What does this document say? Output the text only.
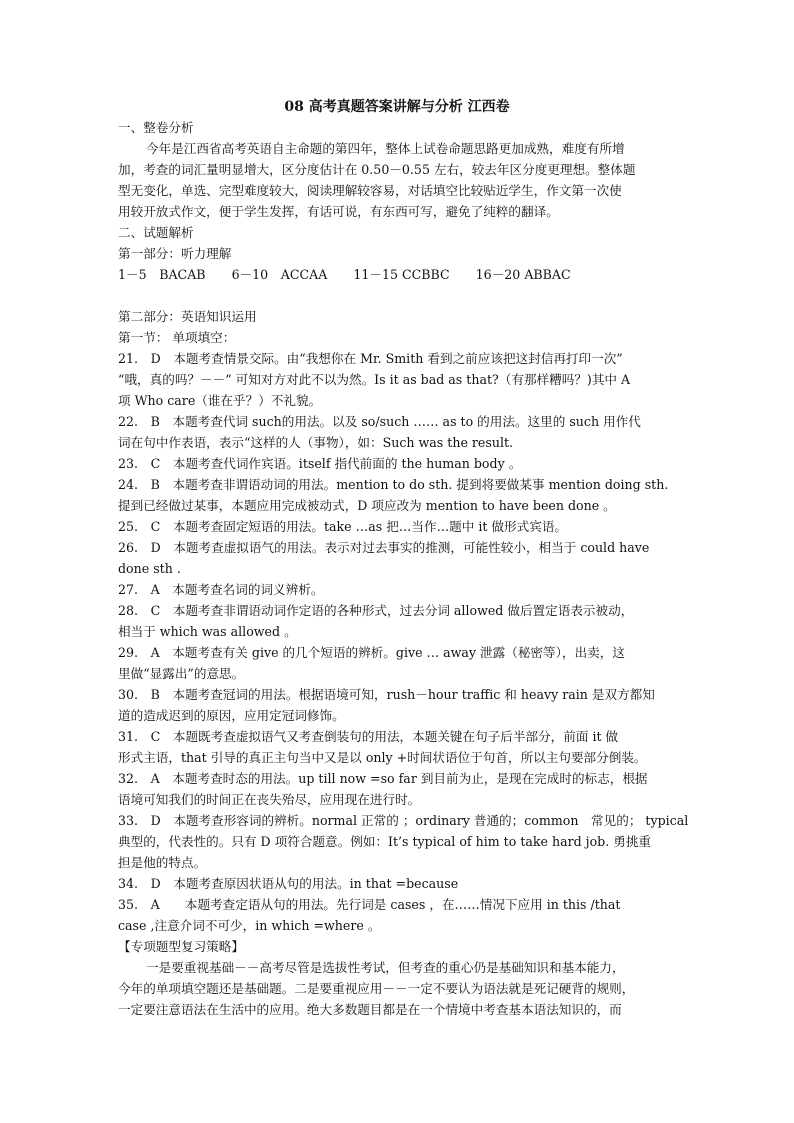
08 高考真题答案讲解与分析 江西卷
一、整卷分析
今年是江西省高考英语自主命题的第四年，整体上试卷命题思路更加成熟，难度有所增
加，考查的词汇量明显增大，区分度估计在 0.50－0.55 左右，较去年区分度更理想。整体题
型无变化，单选、完型难度较大，阅读理解较容易，对话填空比较贴近学生，作文第一次使
用较开放式作文，便于学生发挥，有话可说，有东西可写，避免了纯粹的翻译。
二、试题解析
第一部分：听力理解
1－5　BACAB 6－10　ACCAA 11－15 CCBBC 16－20 ABBAC
第二部分：英语知识运用
第一节： 单项填空：
21.　D　本题考查情景交际。由“我想你在 Mr. Smith 看到之前应该把这封信再打印一次”
“哦，真的吗？－－” 可知对方对此不以为然。Is it as bad as that?（有那样糟吗？)其中 A
项 Who care（谁在乎？）不礼貌。
22.　B　本题考查代词 such的用法。以及 so/such …… as to 的用法。这里的 such 用作代
词在句中作表语，表示“这样的人（事物），如：Such was the result.
23.　C　本题考查代词作宾语。itself 指代前面的 the human body 。
24.　B　本题考查非谓语动词的用法。mention to do sth. 提到将要做某事 mention doing sth.
提到已经做过某事，本题应用完成被动式，D 项应改为 mention to have been done 。
25.　C　本题考查固定短语的用法。take …as 把…当作…题中 it 做形式宾语。
26.　D　本题考查虚拟语气的用法。表示对过去事实的推测，可能性较小，相当于 could have
done sth .
27.　A　本题考查名词的词义辨析。
28.　C　本题考查非谓语动词作定语的各种形式，过去分词 allowed 做后置定语表示被动，
相当于 which was allowed 。
29.　A　本题考查有关 give 的几个短语的辨析。give … away 泄露（秘密等），出卖，这
里做“显露出”的意思。
30.　B　本题考查冠词的用法。根据语境可知，rush－hour traffic 和 heavy rain 是双方都知
道的造成迟到的原因，应用定冠词修饰。
31.　C　本题既考查虚拟语气又考查倒装句的用法，本题关键在句子后半部分，前面 it 做
形式主语，that 引导的真正主句当中又是以 only +时间状语位于句首，所以主句要部分倒装。
32.　A　本题考查时态的用法。up till now =so far 到目前为止，是现在完成时的标志，根据
语境可知我们的时间正在丧失殆尽，应用现在进行时。
33.　D　本题考查形容词的辨析。normal 正常的 ；ordinary 普通的；common　常见的； typical
典型的，代表性的。只有 D 项符合题意。例如：It’s typical of him to take hard job. 勇挑重
担是他的特点。
34.　D　本题考查原因状语从句的用法。in that =because
35.　A　　本题考查定语从句的用法。先行词是 cases ，在……情况下应用 in this /that
case ,注意介词不可少，in which =where 。
【专项题型复习策略】
一是要重视基础－－高考尽管是选拔性考试，但考查的重心仍是基础知识和基本能力，
今年的单项填空题还是基础题。二是要重视应用－－一定不要认为语法就是死记硬背的规则，
一定要注意语法在生活中的应用。绝大多数题目都是在一个情境中考查基本语法知识的，而
